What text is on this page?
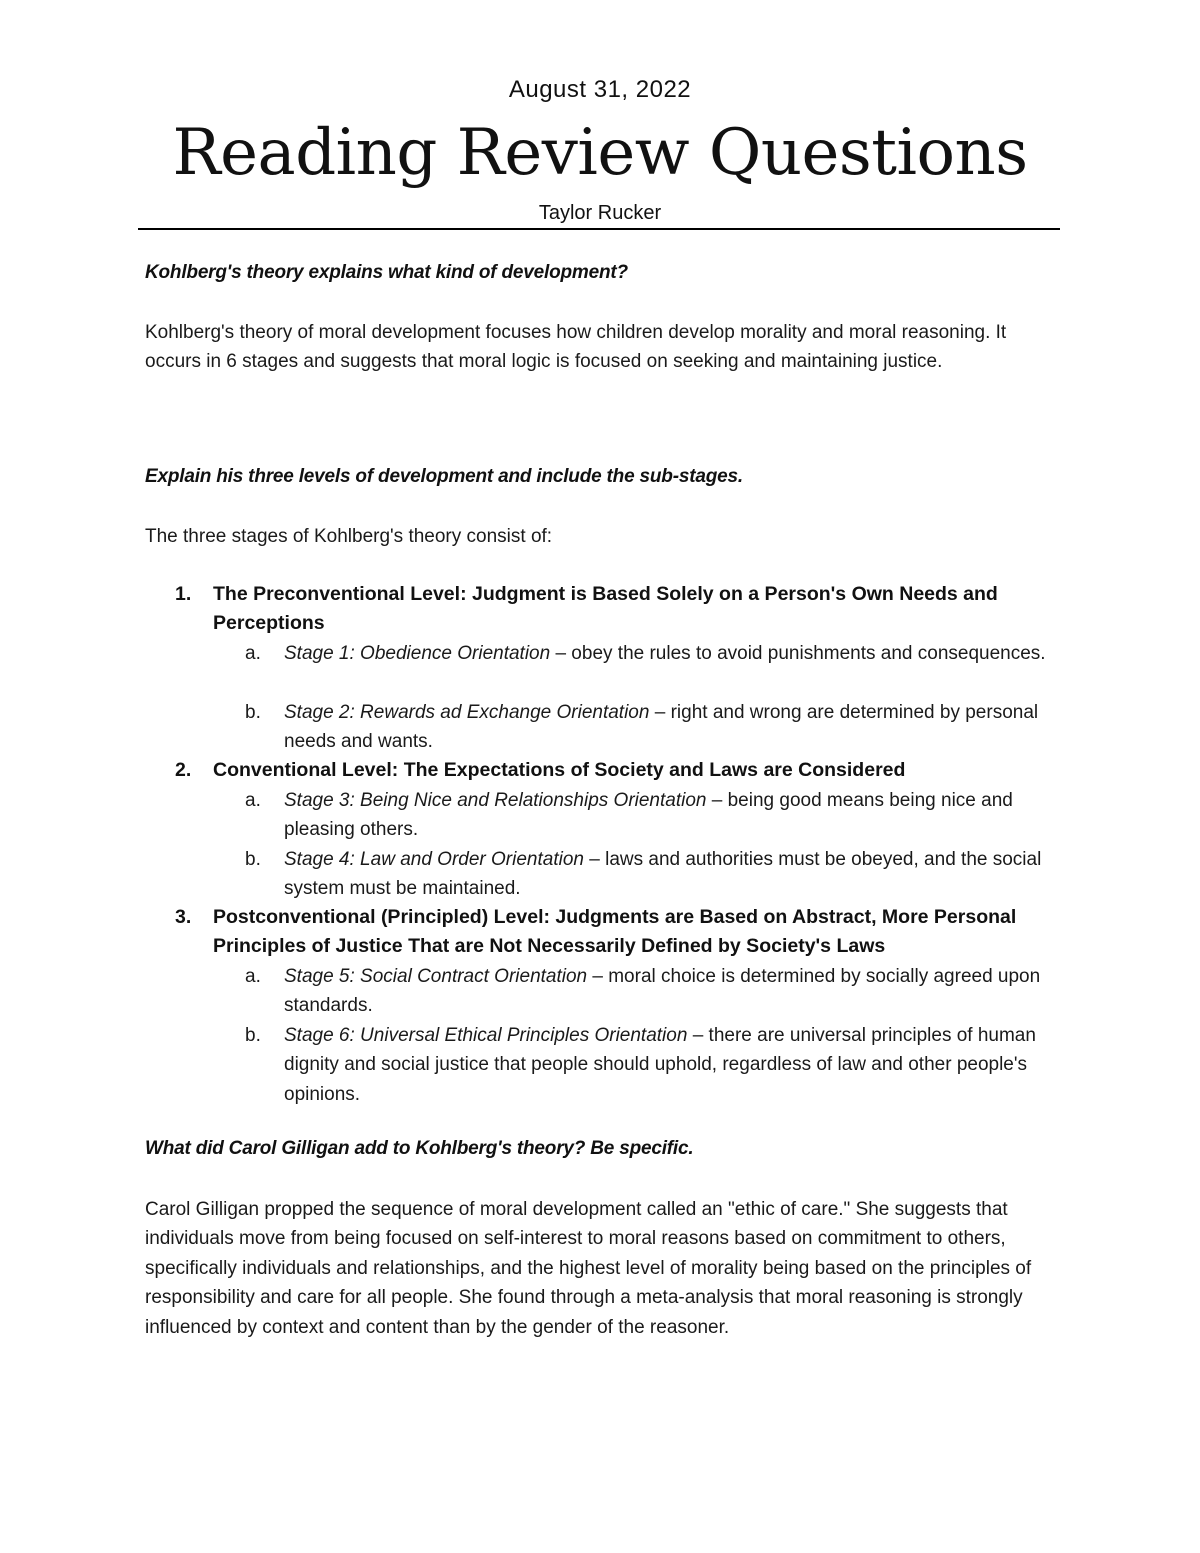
August 31, 2022
Reading Review Questions
Taylor Rucker
Kohlberg's theory explains what kind of development?
Kohlberg's theory of moral development focuses how children develop morality and moral reasoning. It occurs in 6 stages and suggests that moral logic is focused on seeking and maintaining justice.
Explain his three levels of development and include the sub-stages.
The three stages of Kohlberg's theory consist of:
1.	The Preconventional Level: Judgment is Based Solely on a Person's Own Needs and Perceptions
a.	Stage 1: Obedience Orientation – obey the rules to avoid punishments and consequences.
b.	Stage 2: Rewards ad Exchange Orientation – right and wrong are determined by personal needs and wants.
2.	Conventional Level: The Expectations of Society and Laws are Considered
a.	Stage 3: Being Nice and Relationships Orientation – being good means being nice and pleasing others.
b.	Stage 4: Law and Order Orientation – laws and authorities must be obeyed, and the social system must be maintained.
3.	Postconventional (Principled) Level: Judgments are Based on Abstract, More Personal Principles of Justice That are Not Necessarily Defined by Society's Laws
a.	Stage 5: Social Contract Orientation – moral choice is determined by socially agreed upon standards.
b.	Stage 6: Universal Ethical Principles Orientation – there are universal principles of human dignity and social justice that people should uphold, regardless of law and other people's opinions.
What did Carol Gilligan add to Kohlberg's theory? Be specific.
Carol Gilligan propped the sequence of moral development called an "ethic of care." She suggests that individuals move from being focused on self-interest to moral reasons based on commitment to others, specifically individuals and relationships, and the highest level of morality being based on the principles of responsibility and care for all people. She found through a meta-analysis that moral reasoning is strongly influenced by context and content than by the gender of the reasoner.
